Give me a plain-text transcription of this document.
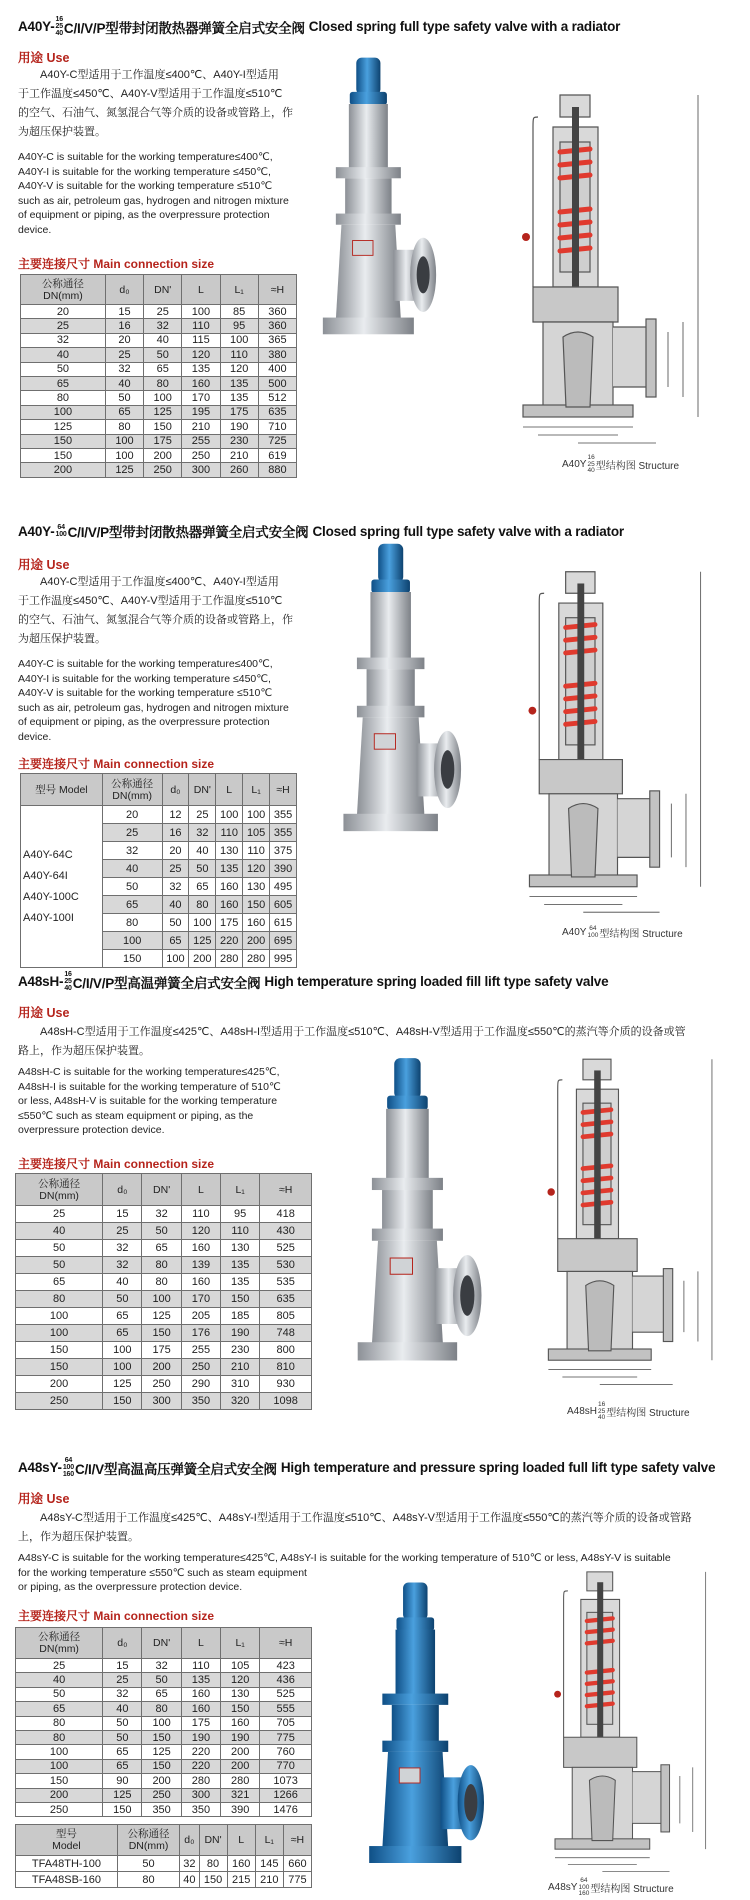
A40Y- 16
25
40 C/I/V/P型带封闭散热器弹簧全启式安全阀 Closed spring full type safety valve with a radiator
用途 Use
　　A40Y-C型适用于工作温度≤400℃、A40Y-I型适用
于工作温度≤450℃、A40Y-V型适用于工作温度≤510℃
的空气、石油气、氮氢混合气等介质的设备或管路上，作
为超压保护装置。
A40Y-C is suitable for the working temperature≤400℃,
A40Y-I is suitable for the working temperature ≤450℃,
A40Y-V is suitable for the working temperature ≤510℃
such as air, petroleum gas, hydrogen and nitrogen mixture
of equipment or piping, as the overpressure protection
device.
主要连接尺寸 Main connection size
公称通径
DN(mm)	d₀	DN'	L	L₁	≈H
20	15	25	100	85	360
25	16	32	110	95	360
32	20	40	115	100	365
40	25	50	120	110	380
50	32	65	135	120	400
65	40	80	160	135	500
80	50	100	170	135	512
100	65	125	195	175	635
125	80	150	210	190	710
150	100	175	255	230	725
150	100	200	250	210	619
200	125	250	300	260	880	A40Y
16
25
40 型结构图 Structure
A40Y- 64
100 C/I/V/P型带封闭散热器弹簧全启式安全阀 Closed spring full type safety valve with a radiator
用途 Use
　　A40Y-C型适用于工作温度≤400℃、A40Y-I型适用
于工作温度≤450℃、A40Y-V型适用于工作温度≤510℃
的空气、石油气、氮氢混合气等介质的设备或管路上，作
为超压保护装置。
A40Y-C is suitable for the working temperature≤400℃,
A40Y-I is suitable for the working temperature ≤450℃,
A40Y-V is suitable for the working temperature ≤510℃
such as air, petroleum gas, hydrogen and nitrogen mixture
of equipment or piping, as the overpressure protection
device.
主要连接尺寸 Main connection size
型号 Model	公称通径
DN(mm)	d₀	DN'	L	L₁	≈H

A40Y-64C
A40Y-64I
A40Y-100C
A40Y-100I	20	12	25	100	100	355
	25	16	32	110	105	355
	32	20	40	130	110	375
	40	25	50	135	120	390
	50	32	65	160	130	495
	65	40	80	160	150	605
	80	50	100	175	160	615
	100	65	125	220	200	695
	150	100	200	280	280	995
A40Y 64
100 型结构图 Structure
A48sH- 16
25
40 C/I/V/P型高温弹簧全启式安全阀 High temperature spring loaded fill lift type safety valve
用途 Use
　　A48sH-C型适用于工作温度≤425℃、A48sH-I型适用于工作温度≤510℃、A48sH-V型适用于工作温度≤550℃的蒸汽等介质的设备或管
路上，作为超压保护装置。
A48sH-C is suitable for the working temperature≤425℃,
A48sH-I is suitable for the working temperature of 510℃
or less, A48sH-V is suitable for the working temperature
≤550℃ such as steam equipment or piping, as the
overpressure protection device.
主要连接尺寸 Main connection size
公称通径
DN(mm)	d₀	DN'	L	L₁	≈H
25	15	32	110	95	418
40	25	50	120	110	430
50	32	65	160	130	525
50	32	80	139	135	530
65	40	80	160	135	535
80	50	100	170	150	635
100	65	125	205	185	805
100	65	150	176	190	748
150	100	175	255	230	800
150	100	200	250	210	810
200	125	250	290	310	930
250	150	300	350	320	1098
A48sH
16
25
40 型结构图 Structure
A48sY- 64
100
160 C/I/V型高温高压弹簧全启式安全阀 High temperature and pressure spring loaded full lift type safety valve
用途 Use
　　A48sY-C型适用于工作温度≤425℃、A48sY-I型适用于工作温度≤510℃、A48sY-V型适用于工作温度≤550℃的蒸汽等介质的设备或管路
上，作为超压保护装置。
A48sY-C is suitable for the working temperature≤425℃, A48sY-I is suitable for the working temperature of 510℃ or less, A48sY-V is suitable
for the working temperature ≤550℃ such as steam equipment
or piping, as the overpressure protection device.
主要连接尺寸 Main connection size
公称通径
DN(mm)	d₀	DN'	L	L₁	≈H
25	15	32	110	105	423
40	25	50	135	120	436
50	32	65	160	130	525
65	40	80	160	150	555
80	50	100	175	160	705
80	50	150	190	190	775
100	65	125	220	200	760
100	65	150	220	200	770
150	90	200	280	280	1073
200	125	250	300	321	1266
250	150	350	350	390	1476
型号
Model	公称通径
DN(mm)	d₀	DN'	L	L₁	≈H
TFA48TH-100	50	32	80	160	145	660
TFA48SB-160	80	40	150	215	210	775
A48sY
64
100
160 型结构图 Structure
